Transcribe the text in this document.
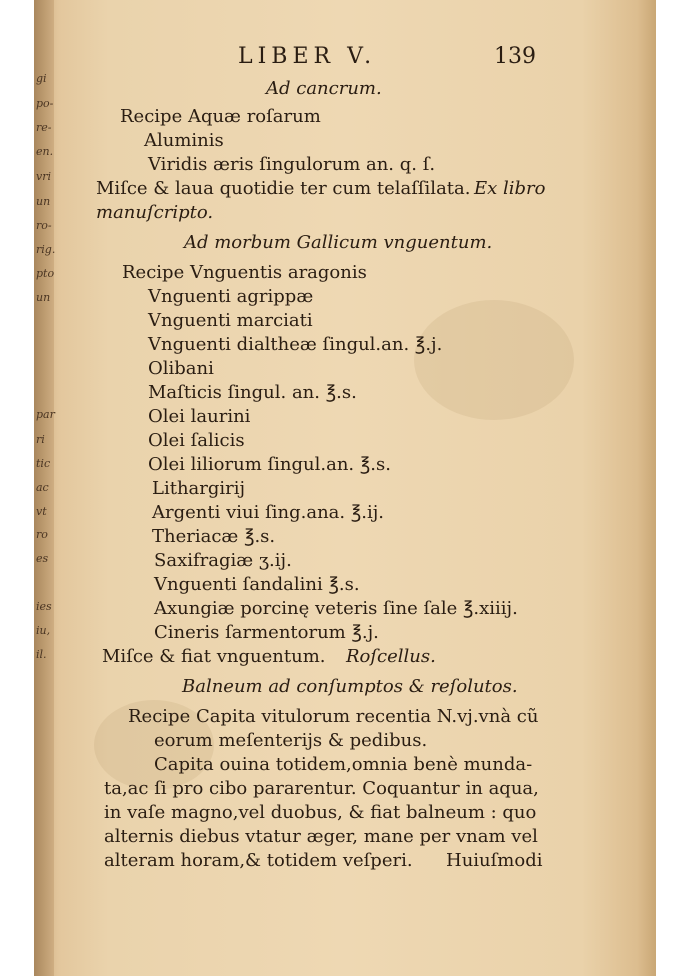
gi
po-
re-
en.
vri
un
ro-
rig.
pto
un
par
ri
tic
ac
vt
ro
es
ies
iu,
il.
LIBER V.	139
Ad cancrum.
Recipe Aquæ roſarum
Aluminis
Viridis æris ſingulorum an. q. ſ.
Miſce & laua quotidie ter cum telaſſilata. Ex libro
manuſcripto.
Ad morbum Gallicum vnguentum.
Recipe Vnguentis aragonis
Vnguenti agrippæ
Vnguenti marciati
Vnguenti dialtheæ ſingul.an. ℥.j.
Olibani
Maſticis ſingul. an. ℥.s.
Olei laurini
Olei ſalicis
Olei liliorum ſingul.an. ℥.s.
Lithargirij
Argenti viui ſing.ana. ℥.ij.
Theriacæ ℥.s.
Saxifragiæ ʒ.ij.
Vnguenti ſandalini ℥.s.
Axungiæ porcinę veteris ſine ſale ℥.xiiij.
Cineris ſarmentorum ℥.j.
Miſce & fiat vnguentum. Roſcellus.
Balneum ad conſumptos & reſolutos.
Recipe Capita vitulorum recentia N.vj.vnà cũ
eorum meſenterijs & pedibus.
Capita ouina totidem,omnia benè munda-
ta,ac ſi pro cibo pararentur. Coquantur in aqua,
in vaſe magno,vel duobus, & fiat balneum : quo
alternis diebus vtatur æger, mane per vnam vel
alteram horam,& totidem veſperi. Huiuſmodi
